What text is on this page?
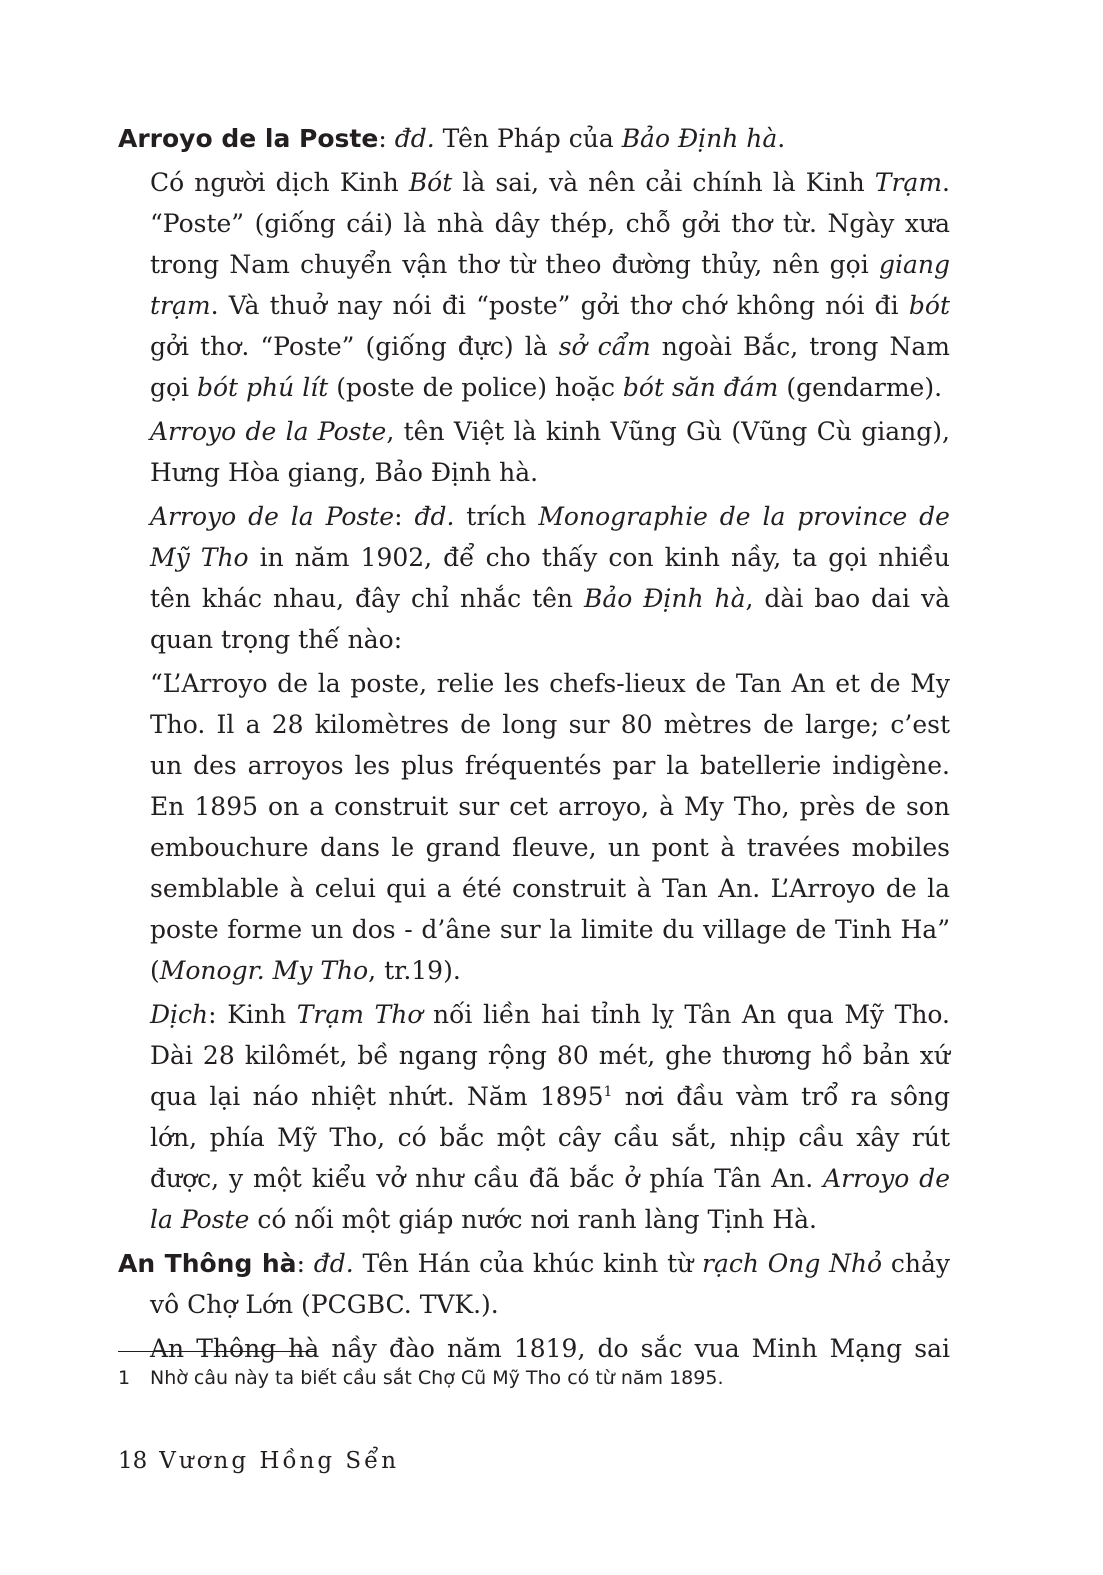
Arroyo de la Poste: đd. Tên Pháp của Bảo Định hà.

Có người dịch Kinh Bót là sai, và nên cải chính là Kinh Trạm. “Poste” (giống cái) là nhà dây thép, chỗ gởi thơ từ. Ngày xưa trong Nam chuyển vận thơ từ theo đường thủy, nên gọi giang trạm. Và thuở nay nói đi “poste” gởi thơ chớ không nói đi bót gởi thơ. “Poste” (giống đực) là sở cẩm ngoài Bắc, trong Nam gọi bót phú lít (poste de police) hoặc bót săn đám (gendarme).

Arroyo de la Poste, tên Việt là kinh Vũng Gù (Vũng Cù giang), Hưng Hòa giang, Bảo Định hà.

Arroyo de la Poste: đd. trích Monographie de la province de Mỹ Tho in năm 1902, để cho thấy con kinh nầy, ta gọi nhiều tên khác nhau, đây chỉ nhắc tên Bảo Định hà, dài bao dai và quan trọng thế nào:

“L’Arroyo de la poste, relie les chefs-lieux de Tan An et de My Tho. Il a 28 kilomètres de long sur 80 mètres de large; c’est un des arroyos les plus fréquentés par la batellerie indigène. En 1895 on a construit sur cet arroyo, à My Tho, près de son embouchure dans le grand fleuve, un pont à travées mobiles semblable à celui qui a été construit à Tan An. L’Arroyo de la poste forme un dos - d’âne sur la limite du village de Tinh Ha” (Monogr. My Tho, tr.19).

Dịch: Kinh Trạm Thơ nối liền hai tỉnh lỵ Tân An qua Mỹ Tho. Dài 28 kilômét, bề ngang rộng 80 mét, ghe thương hồ bản xứ qua lại náo nhiệt nhứt. Năm 1895$^1$ nơi đầu vàm trổ ra sông lớn, phía Mỹ Tho, có bắc một cây cầu sắt, nhịp cầu xây rút được, y một kiểu vở như cầu đã bắc ở phía Tân An. Arroyo de la Poste có nối một giáp nước nơi ranh làng Tịnh Hà.

An Thông hà: đd. Tên Hán của khúc kinh từ rạch Ong Nhỏ chảy vô Chợ Lớn (PCGBC. TVK.).

An Thông hà nầy đào năm 1819, do sắc vua Minh Mạng sai

1 Nhờ câu này ta biết cầu sắt Chợ Cũ Mỹ Tho có từ năm 1895.
18 Vương Hồng Sển
